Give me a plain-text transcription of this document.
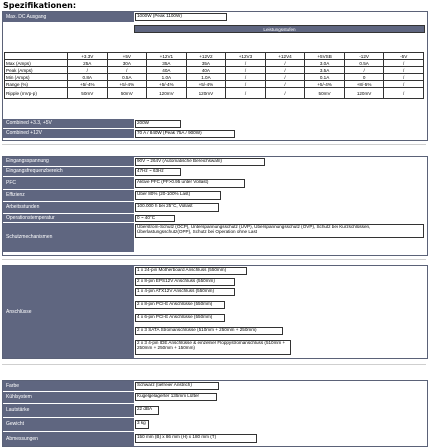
Spezifikationen:
Max. DC Ausgang	1000W (Peak 1100W)
Leistungsstufen
	+3.3V	+5V	+12V1	+12V2	+12V3	+12V4	+5VSB	-12V	-5V
Max (Amps)	25A	30A	35A	35A	/	/	3.0A	0.5A	/
Peak (Amps)	/	/	40A	40A	/	/	3.5A	/	/
Min (Amps)	0.8A	0.5A	1.0A	1.0A	/	/	0.1A	0	/
Range (%)	+5/-4%	+5/-4%	+5/-4%	+5/-4%	/	/	+5/-4%	+8/-5%	/
Ripple (mVp-p)	50mV	50mV	120mV	120mV	/	/	50mV	120mV	/
Combined +3.3, +5V	200W
Combined +12V	70 A / 840W (Peak 75A / 900W)
Eingangsspannung	90V ~ 264V (Automatische Bereichswahl)
Eingangsfrequenzbereich	47Hz ~ 63Hz
PFC	Aktive PFC (PF>0.95 unter Vollast)
Effizienz	Über 80% (20-100% Last)
Arbeitsstunden	100.000 h bei 25°C, Vollast
Operationstemperatur	0 ~ 40°C
Schutzmechanismen
Überstrom-Schutz (OCP), Unterspannungsschutz (UVP), Überspannungsschutz (OVP), Schutz bei Kurzschlüssen, Überlastungsschutz(OPP), Schutz bei Operation ohne Last
Anschlüsse
1 x 24-pin Motherboard Anschluss (550mm)
2 x 8-pin EPS12V Anschluss (550mm)
1 x 4-pin ATX12V Anschluss (550mm)
2 x 8-pin PCI-E Anschlüsse (550mm)
4 x 6-pin PCI-E Anschlüsse (550mm)
2 x 3 SATA Stromanschlüsse (510mm + 250mm + 250mm)
2 x 3 4-pin IDE Anschlüsse & einzelner Floppystromanschluss (510mm + 250mm + 250mm + 150mm)
Farbe	Schwarz (tiefreier Anstrich)
Kühlsystem	Kugelgelagerter 135mm Lüfter
Lautstärke	22 dBA
Gewicht	3 kg
Abmessungen	150 mm (B) x 86 mm (H) x 180 mm (T)
